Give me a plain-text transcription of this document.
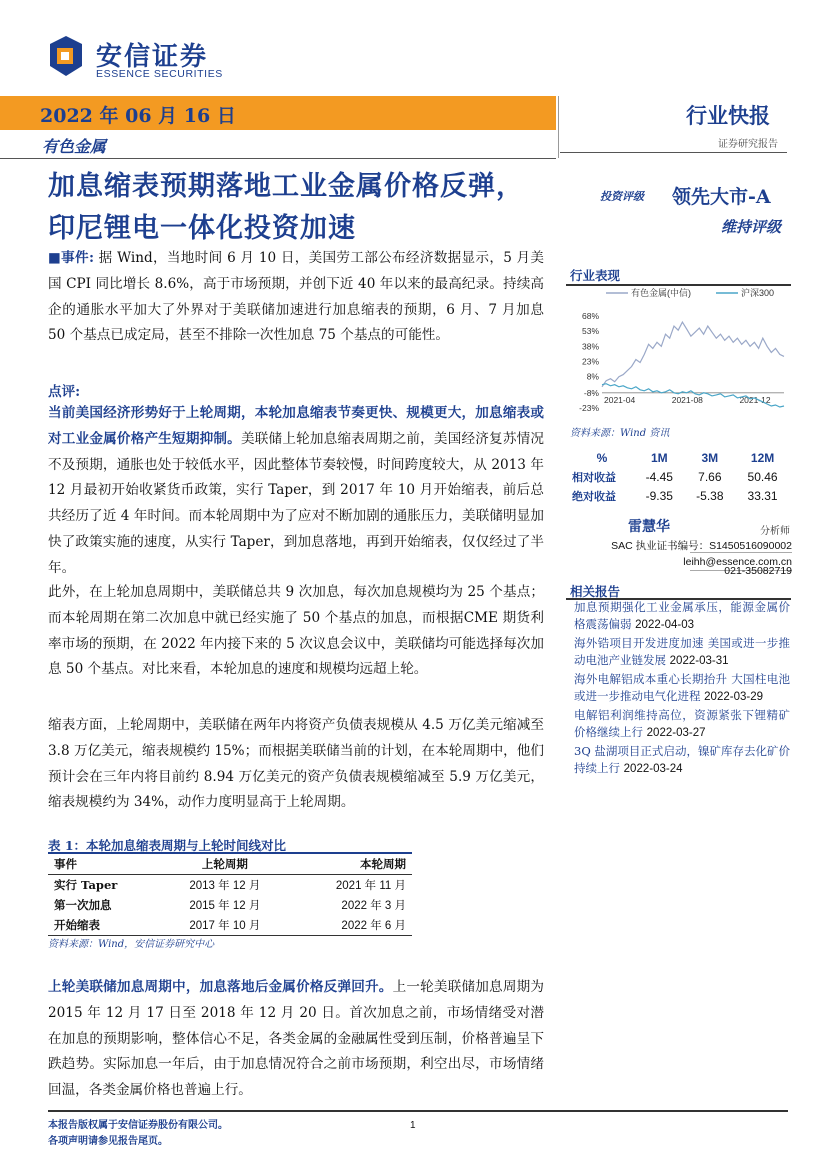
安信证券
ESSENCE SECURITIES
2022 年 06 月 16 日
有色金属
行业快报
证券研究报告
加息缩表预期落地工业金属价格反弹，印尼锂电一体化投资加速
投资评级 领先大市-A
维持评级

■事件: 据 Wind，当地时间 6 月 10 日，美国劳工部公布经济数据显示，5 月美国 CPI 同比增长 8.6%，高于市场预期，并创下近 40 年以来的最高纪录。持续高企的通胀水平加大了外界对于美联储加速进行加息缩表的预期，6 月、7 月加息 50 个基点已成定局，甚至不排除一次性加息 75 个基点的可能性。

点评:

当前美国经济形势好于上轮周期，本轮加息缩表节奏更快、规模更大，加息缩表或对工业金属价格产生短期抑制。美联储上轮加息缩表周期之前，美国经济复苏情况不及预期，通胀也处于较低水平，因此整体节奏较慢，时间跨度较大，从 2013 年 12 月最初开始收紧货币政策，实行 Taper，到 2017 年 10 月开始缩表，前后总共经历了近 4 年时间。而本轮周期中为了应对不断加剧的通胀压力，美联储明显加快了政策实施的速度，从实行 Taper，到加息落地，再到开始缩表，仅仅经过了半年。

此外，在上轮加息周期中，美联储总共 9 次加息，每次加息规模均为 25 个基点；而本轮周期在第二次加息中就已经实施了 50 个基点的加息，而根据CME 期货利率市场的预期，在 2022 年内接下来的 5 次议息会议中，美联储均可能选择每次加息 50 个基点。对比来看，本轮加息的速度和规模均远超上轮。

缩表方面，上轮周期中，美联储在两年内将资产负债表规模从 4.5 万亿美元缩减至 3.8 万亿美元，缩表规模约 15%；而根据美联储当前的计划，在本轮周期中，他们预计会在三年内将目前约 8.94 万亿美元的资产负债表规模缩减至 5.9 万亿美元，缩表规模约为 34%，动作力度明显高于上轮周期。

表 1：本轮加息缩表周期与上轮时间线对比
事件	上轮周期	本轮周期
实行 Taper	2013 年 12 月	2021 年 11 月
第一次加息	2015 年 12 月	2022 年 3 月
开始缩表	2017 年 10 月	2022 年 6 月
资料来源：Wind，安信证券研究中心

上轮美联储加息周期中，加息落地后金属价格反弹回升。上一轮美联储加息周期为 2015 年 12 月 17 日至 2018 年 12 月 20 日。首次加息之前，市场情绪受对潜在加息的预期影响，整体信心不足，各类金属的金融属性受到压制，价格普遍呈下跌趋势。实际加息一年后，由于加息情况符合之前市场预期，利空出尽，市场情绪回温，各类金属价格也普遍上行。

行业表现
有色金属(中信)	沪深300
68%
53%
38%
23%
8%
-8%
-23%
2021-04	2021-08	2021-12
资料来源：Wind 资讯
%	1M	3M	12M
相对收益	-4.45	7.66	50.46
绝对收益	-9.35	-5.38	33.31
雷慧华	分析师
SAC 执业证书编号：S1450516090002
leihh@essence.com.cn
021-35082719
相关报告
加息预期强化工业金属承压，能源金属价格震荡偏弱 2022-04-03
海外锆项目开发进度加速 美国或进一步推动电池产业链发展 2022-03-31
海外电解铝成本重心长期抬升 大国柱电池或进一步推动电气化进程 2022-03-29
电解铝利润维持高位，资源紧张下锂精矿价格继续上行 2022-03-27
3Q 盐湖项目正式启动，镍矿库存去化矿价持续上行 2022-03-24
本报告版权属于安信证券股份有限公司。
各项声明请参见报告尾页。
1
